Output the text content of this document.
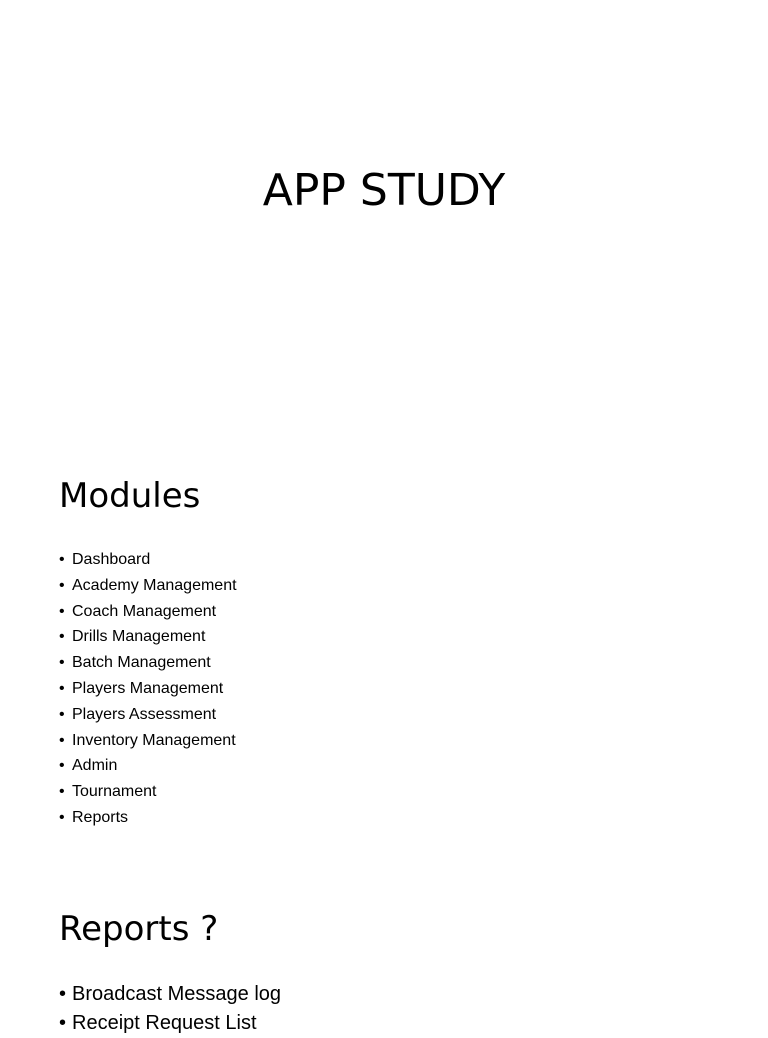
APP STUDY
Modules
• Dashboard
• Academy Management
• Coach Management
• Drills Management
• Batch Management
• Players Management
• Players Assessment
• Inventory Management
• Admin
• Tournament
• Reports
Reports ?
• Broadcast Message log
• Receipt Request List
